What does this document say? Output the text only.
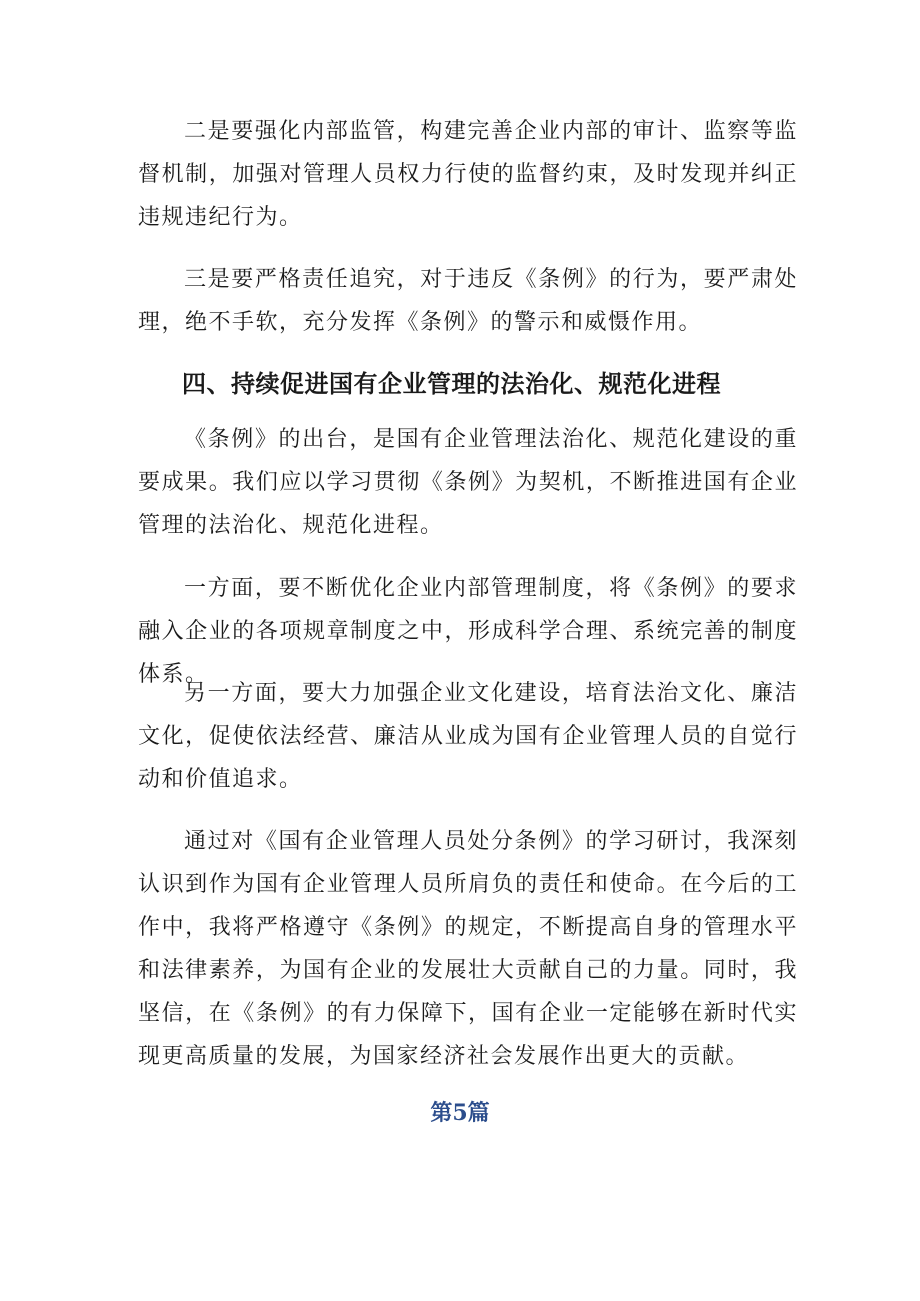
二是要强化内部监管，构建完善企业内部的审计、监察等监督机制，加强对管理人员权力行使的监督约束，及时发现并纠正违规违纪行为。

三是要严格责任追究，对于违反《条例》的行为，要严肃处理，绝不手软，充分发挥《条例》的警示和威慑作用。

四、持续促进国有企业管理的法治化、规范化进程

《条例》的出台，是国有企业管理法治化、规范化建设的重要成果。我们应以学习贯彻《条例》为契机，不断推进国有企业管理的法治化、规范化进程。

一方面，要不断优化企业内部管理制度，将《条例》的要求融入企业的各项规章制度之中，形成科学合理、系统完善的制度体系。

另一方面，要大力加强企业文化建设，培育法治文化、廉洁文化，促使依法经营、廉洁从业成为国有企业管理人员的自觉行动和价值追求。

通过对《国有企业管理人员处分条例》的学习研讨，我深刻认识到作为国有企业管理人员所肩负的责任和使命。在今后的工作中，我将严格遵守《条例》的规定，不断提高自身的管理水平和法律素养，为国有企业的发展壮大贡献自己的力量。同时，我坚信，在《条例》的有力保障下，国有企业一定能够在新时代实现更高质量的发展，为国家经济社会发展作出更大的贡献。

第5篇
